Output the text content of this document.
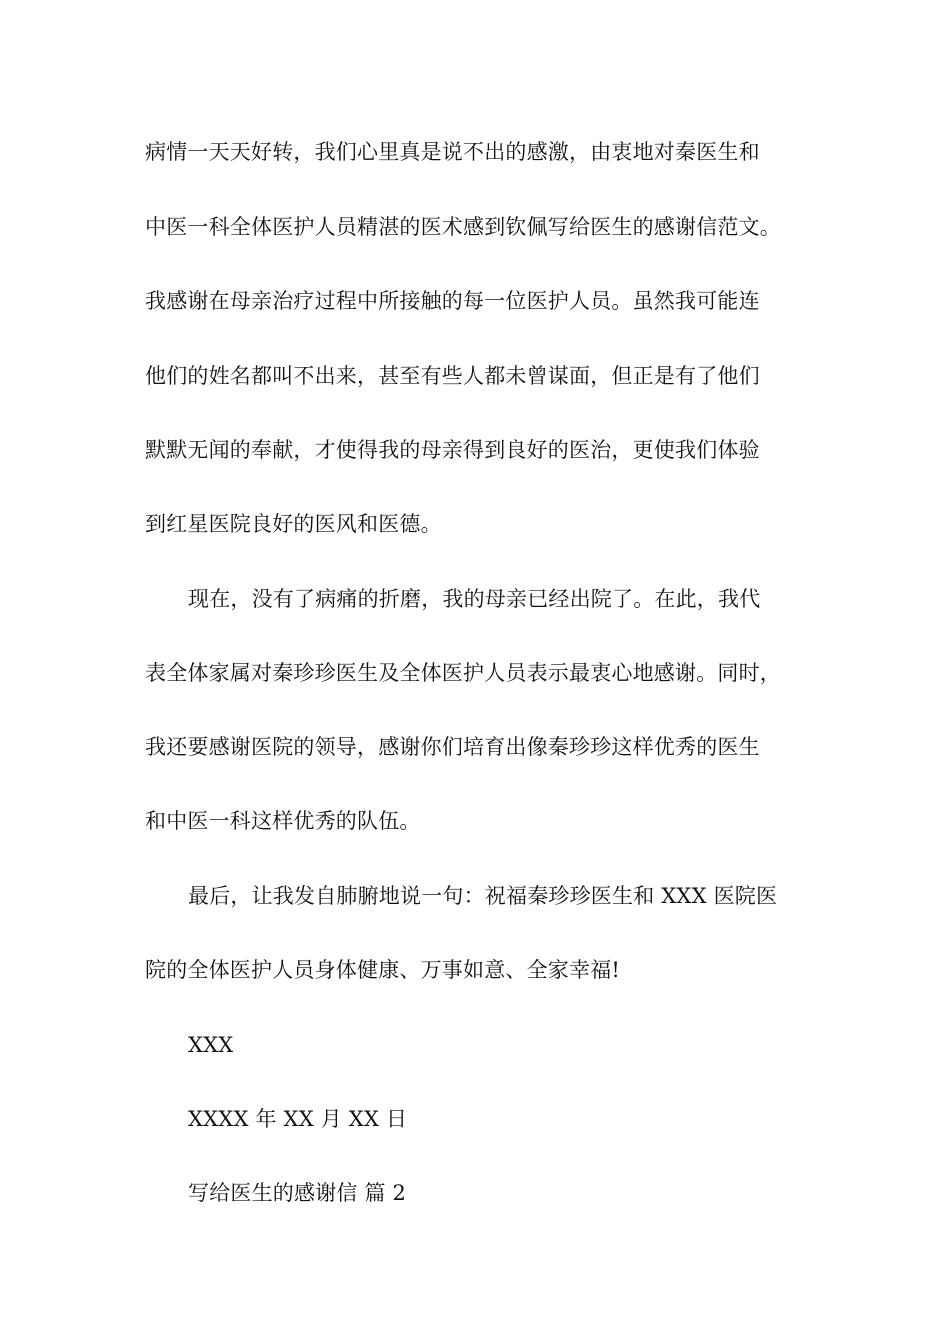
病情一天天好转，我们心里真是说不出的感激，由衷地对秦医生和
中医一科全体医护人员精湛的医术感到钦佩写给医生的感谢信范文。
我感谢在母亲治疗过程中所接触的每一位医护人员。虽然我可能连
他们的姓名都叫不出来，甚至有些人都未曾谋面，但正是有了他们
默默无闻的奉献，才使得我的母亲得到良好的医治，更使我们体验
到红星医院良好的医风和医德。
现在，没有了病痛的折磨，我的母亲已经出院了。在此，我代
表全体家属对秦珍珍医生及全体医护人员表示最衷心地感谢。同时，
我还要感谢医院的领导，感谢你们培育出像秦珍珍这样优秀的医生
和中医一科这样优秀的队伍。
最后，让我发自肺腑地说一句：祝福秦珍珍医生和 XXX 医院医
院的全体医护人员身体健康、万事如意、全家幸福!
XXX
XXXX 年 XX 月 XX 日
写给医生的感谢信 篇 2
